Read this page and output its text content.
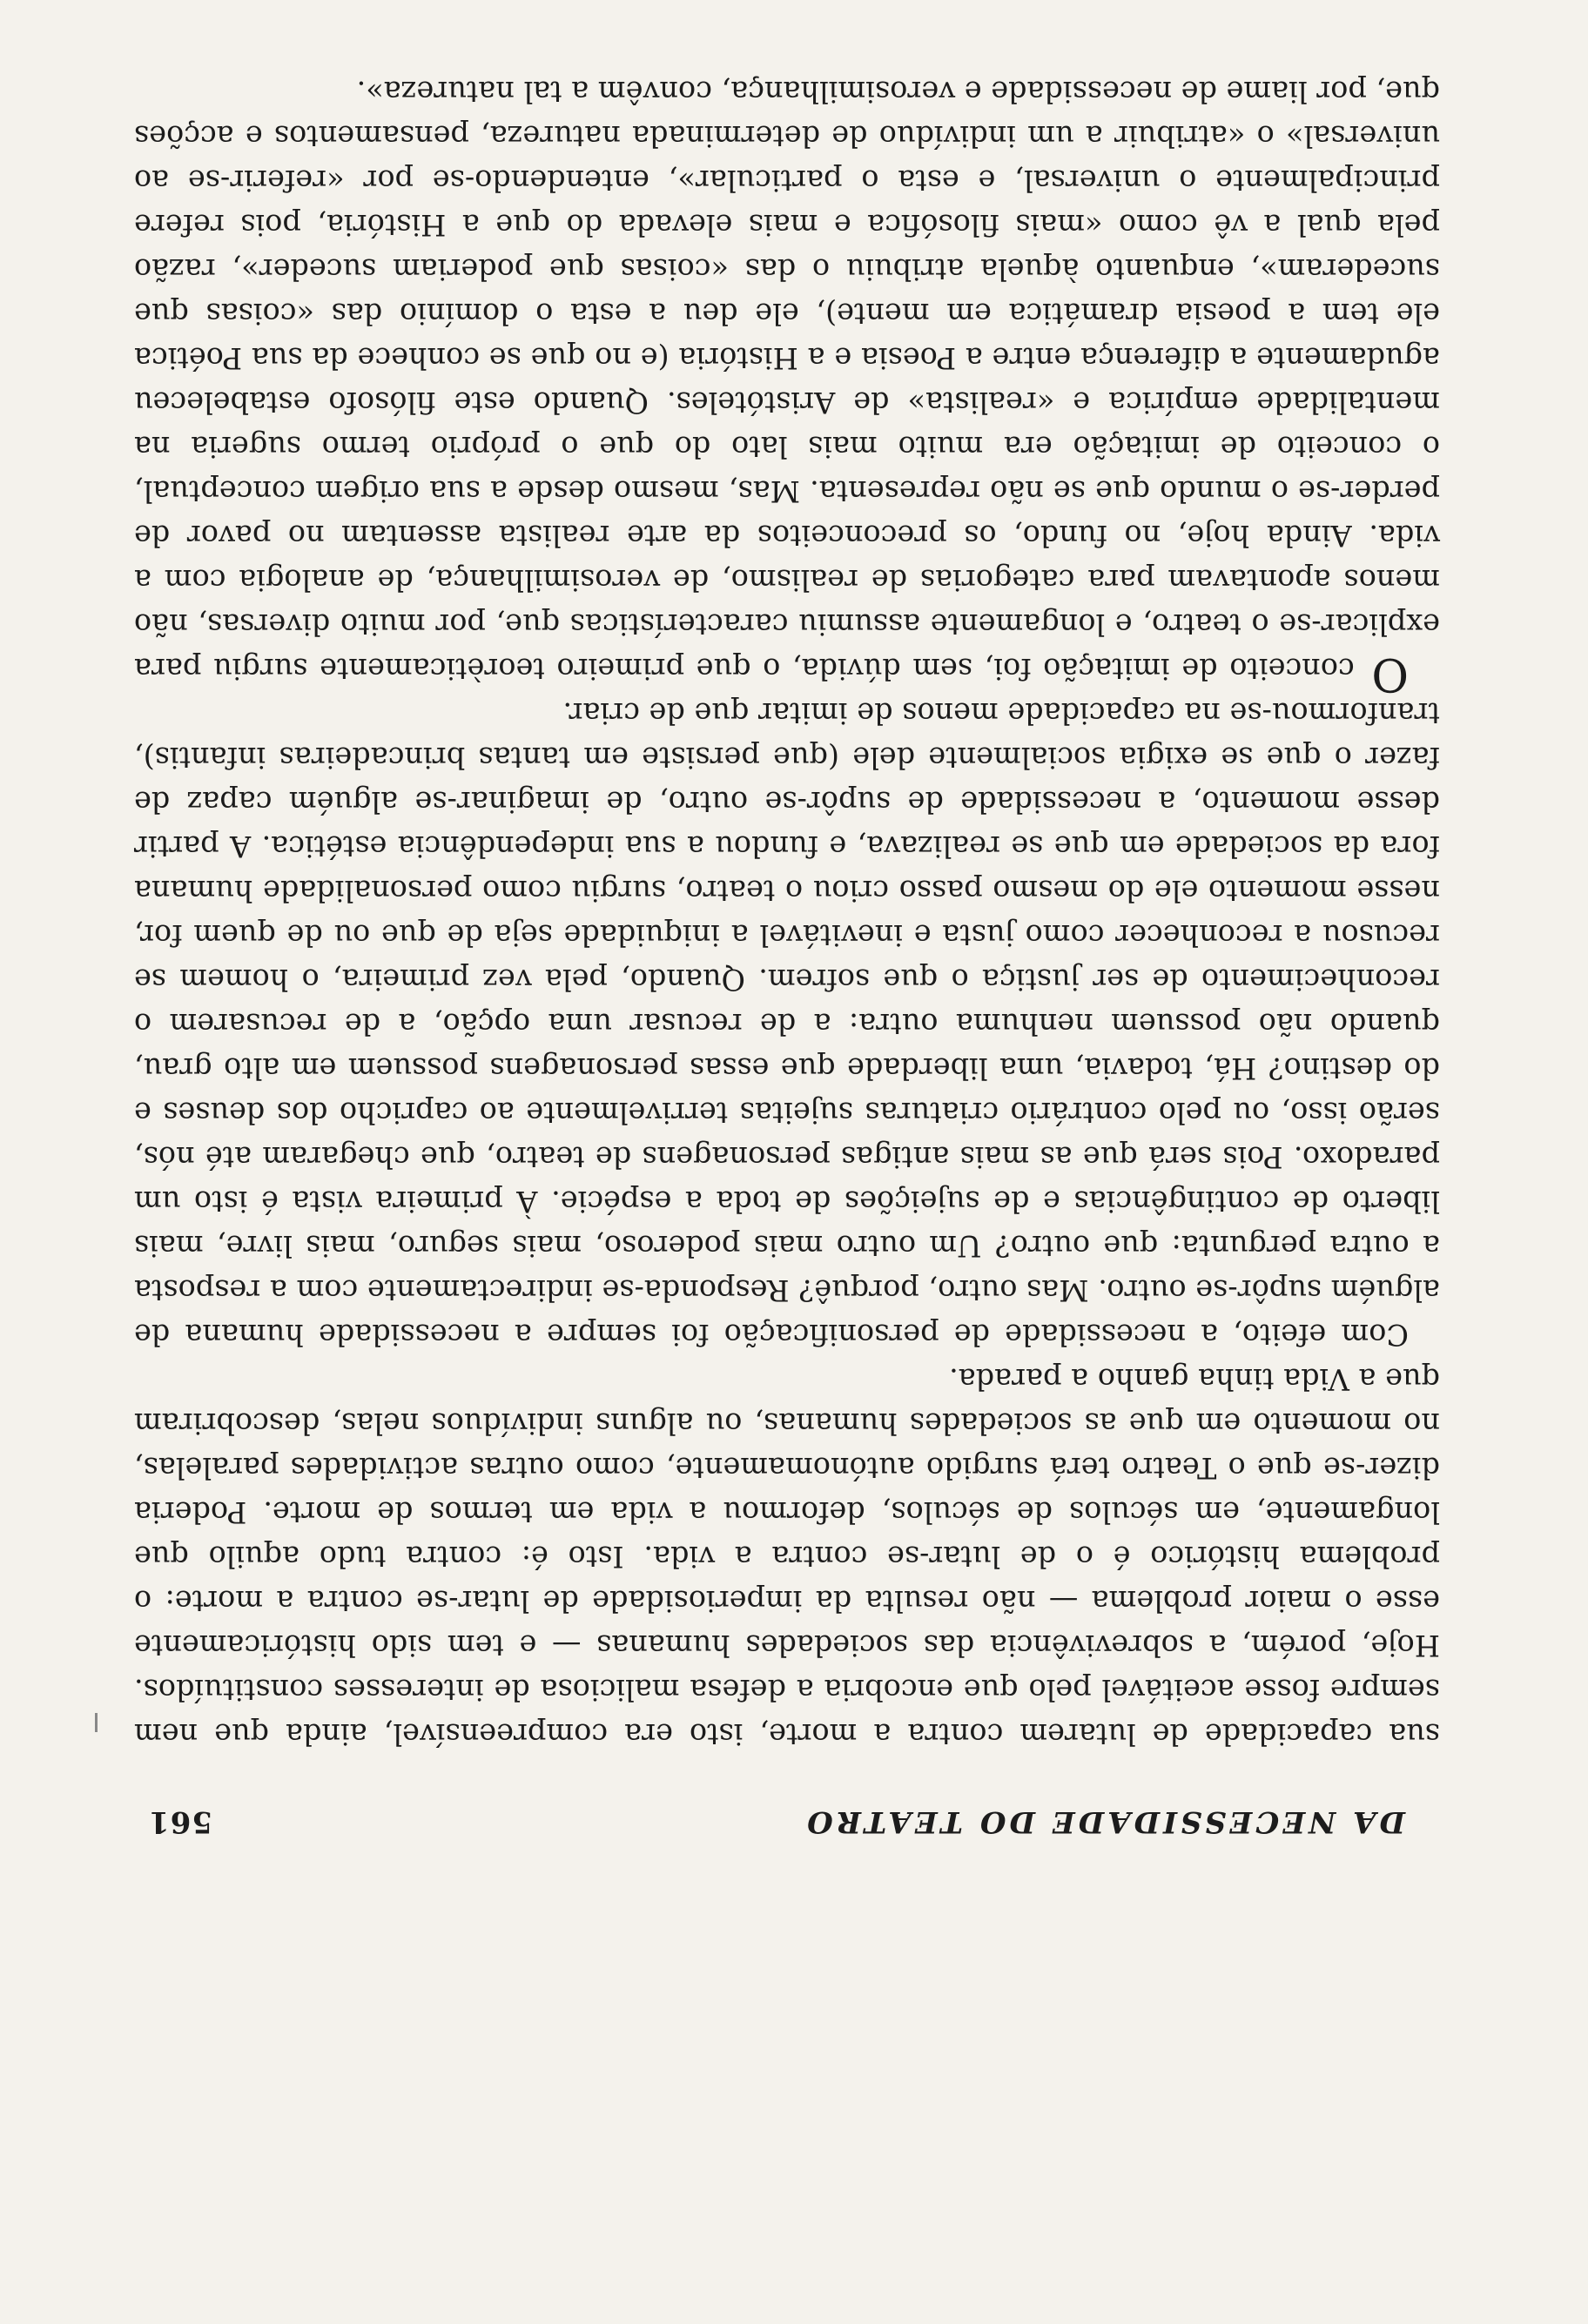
DA NECESSIDADE DO TEATRO
561

sua capacidade de lutarem contra a morte, isto era compreensível, ainda que nem sempre fosse aceitável pelo que encobria a defesa maliciosa de interesses constituídos. Hoje, porém, a sobrevivência das sociedades humanas — e tem sido históricamente esse o maior problema — não resulta da imperiosidade de lutar-se contra a morte: o problema histórico é o de lutar-se contra a vida. Isto é: contra tudo aquilo que longamente, em séculos de séculos, deformou a vida em termos de morte. Poderia dizer-se que o Teatro terá surgido autónomamente, como outras actividades paralelas, no momento em que as sociedades humanas, ou alguns indivíduos nelas, descobriram que a Vida tinha ganho a parada.

Com efeito, a necessidade de personificação foi sempre a necessidade humana de alguém supôr-se outro. Mas outro, porquê? Responda-se indirectamente com a resposta a outra pergunta: que outro? Um outro mais poderoso, mais seguro, mais livre, mais liberto de contingências e de sujeições de toda a espécie. À primeira vista é isto um paradoxo. Pois será que as mais antigas personagens de teatro, que chegaram até nós, serão isso, ou pelo contrário criaturas sujeitas terrivelmente ao capricho dos deuses e do destino? Há, todavia, uma liberdade que essas personagens possuem em alto grau, quando não possuem nenhuma outra: a de recusar uma opção, a de recusarem o reconhecimento de ser justiça o que sofrem. Quando, pela vez primeira, o homem se recusou a reconhecer como justa e inevitável a iniquidade seja de que ou de quem for, nesse momento ele do mesmo passo criou o teatro, surgiu como personalidade humana fora da sociedade em que se realizava, e fundou a sua independência estética. A partir desse momento, a necessidade de supôr-se outro, de imaginar-se alguém capaz de fazer o que se exigia socialmente dele (que persiste em tantas brincadeiras infantis), tranformou-se na capacidade menos de imitar que de criar.

O conceito de imitação foi, sem dúvida, o que primeiro teorèticamente surgiu para explicar-se o teatro, e longamente assumiu características que, por muito diversas, não menos apontavam para categorias de realismo, de verosimilhança, de analogia com a vida. Ainda hoje, no fundo, os preconceitos da arte realista assentam no pavor de perder-se o mundo que se não representa. Mas, mesmo desde a sua origem conceptual, o conceito de imitação era muito mais lato do que o próprio termo sugeria na mentalidade empírica e «realista» de Aristóteles. Quando este filósofo estabeleceu agudamente a diferença entre a Poesia e a História (e no que se conhece da sua Poética ele tem a poesia dramática em mente), ele deu a esta o domínio das «coisas que sucederam», enquanto àquela atribuiu o das «coisas que poderiam suceder», razão pela qual a vê como «mais filosófica e mais elevada do que a História, pois refere principalmente o universal, e esta o particular», entendendo-se por «referir-se ao universal» o «atribuir a um indivíduo de determinada natureza, pensamentos e acções que, por liame de necessidade e verosimilhança, convêm a tal natureza».
